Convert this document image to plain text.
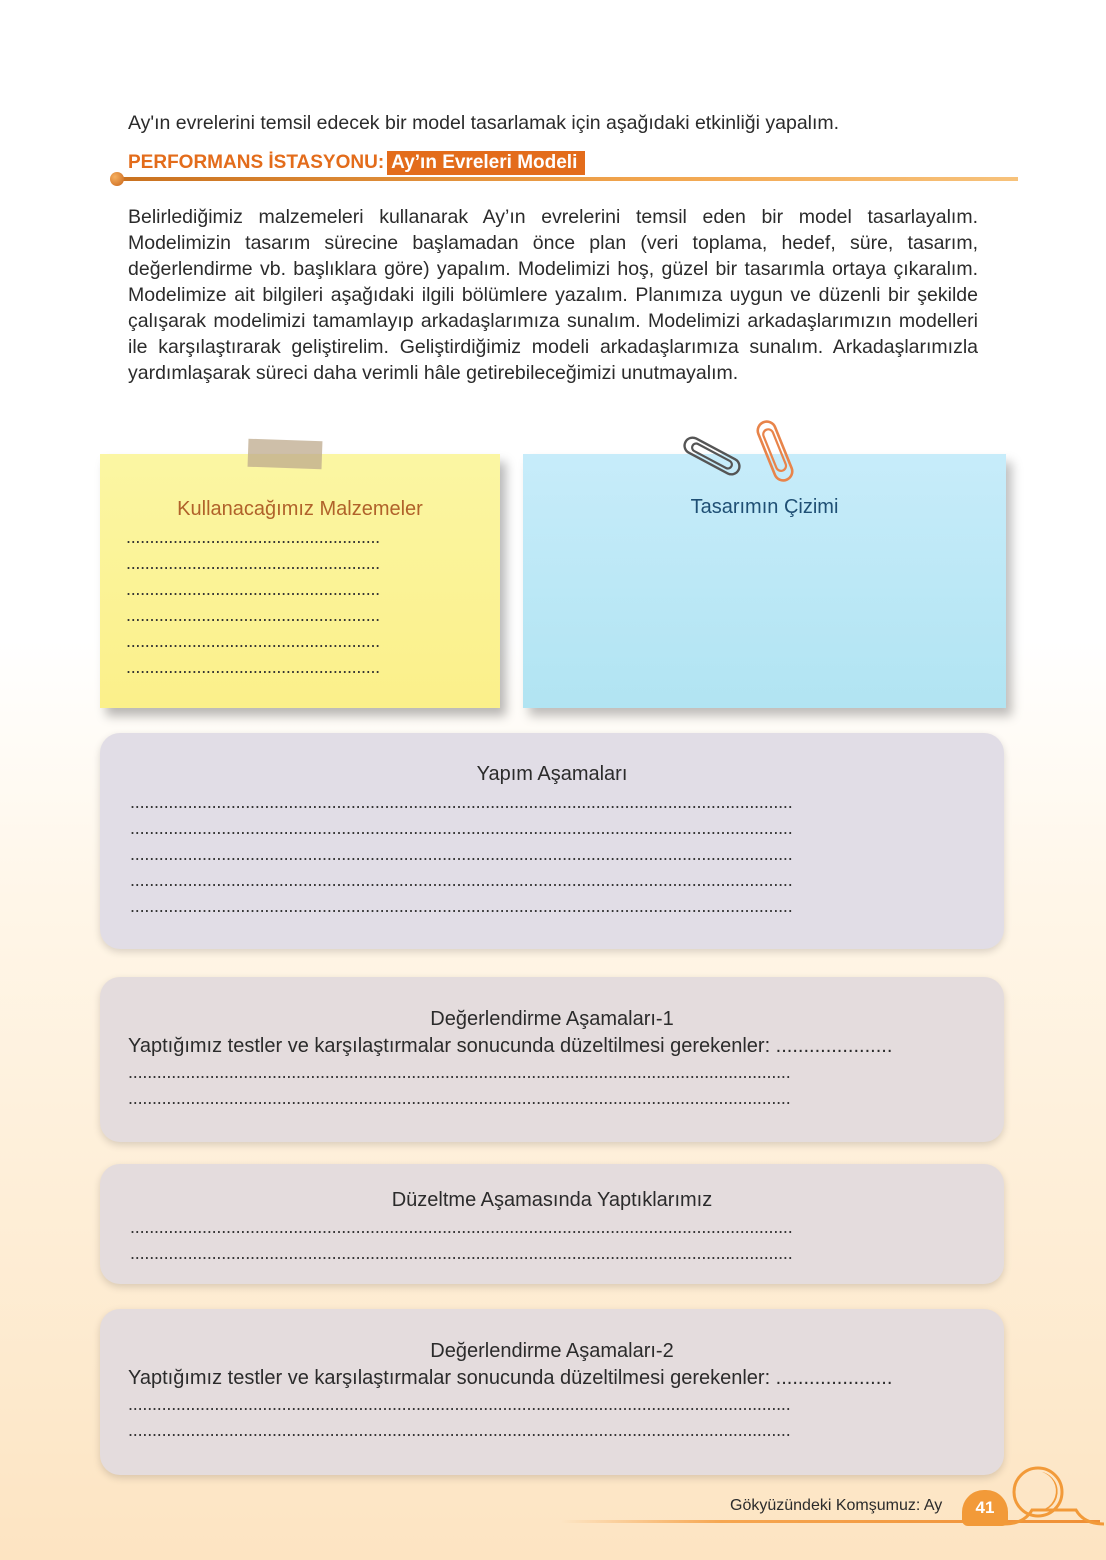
Ay'ın evrelerini temsil edecek bir model tasarlamak için aşağıdaki etkinliği yapalım.
PERFORMANS İSTASYONU: Ay’ın Evreleri Modeli
Belirlediğimiz malzemeleri kullanarak Ay’ın evrelerini temsil eden bir model tasarlayalım. Modelimizin tasarım sürecine başlamadan önce plan (veri toplama, hedef, süre, tasarım, değerlendirme vb. başlıklara göre) yapalım. Modelimizi hoş, güzel bir tasarımla ortaya çıkaralım. Modelimize ait bilgileri aşağıdaki ilgili bölümlere yazalım. Planımıza uygun ve düzenli bir şekilde çalışarak modelimizi tamamlayıp arkadaşlarımıza sunalım. Modelimizi arkadaşlarımızın modelleri ile karşılaştırarak geliştirelim. Geliştirdiğimiz modeli arkadaşlarımıza sunalım. Arkadaşlarımızla yardımlaşarak süreci daha verimli hâle getirebileceğimizi unutmayalım.
Kullanacağımız Malzemeler
......................................................
......................................................
......................................................
......................................................
......................................................
......................................................
Tasarımın Çizimi
Yapım Aşamaları
..........................................................................................................................................
..........................................................................................................................................
..........................................................................................................................................
..........................................................................................................................................
..........................................................................................................................................
Değerlendirme Aşamaları-1
Yaptığımız testler ve karşılaştırmalar sonucunda düzeltilmesi gerekenler: .....................
..........................................................................................................................................
..........................................................................................................................................
Düzeltme Aşamasında Yaptıklarımız
..........................................................................................................................................
..........................................................................................................................................
Değerlendirme Aşamaları-2
Yaptığımız testler ve karşılaştırmalar sonucunda düzeltilmesi gerekenler: .....................
..........................................................................................................................................
..........................................................................................................................................
Gökyüzündeki Komşumuz: Ay	41
